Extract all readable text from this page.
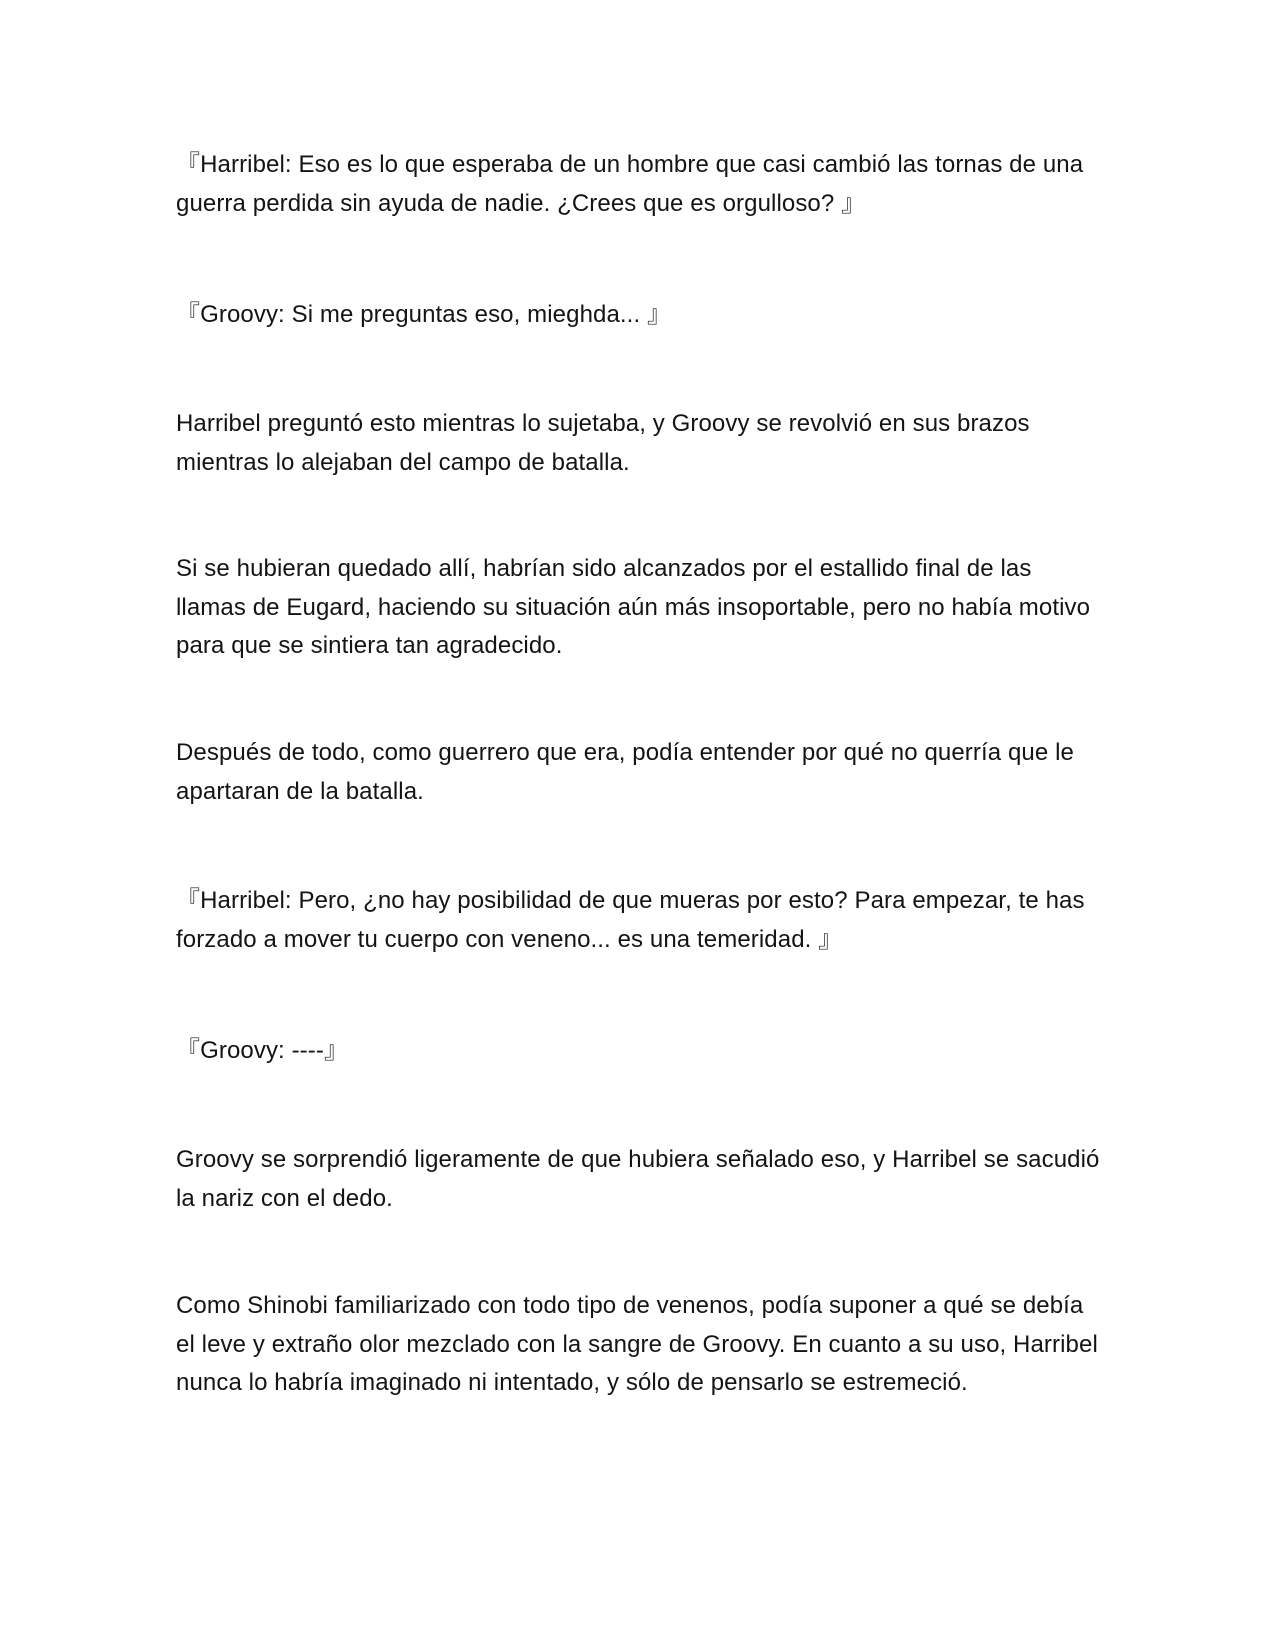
『Harribel: Eso es lo que esperaba de un hombre que casi cambió las tornas de una guerra perdida sin ayuda de nadie. ¿Crees que es orgulloso? 』

『Groovy: Si me preguntas eso, mieghda... 』

Harribel preguntó esto mientras lo sujetaba, y Groovy se revolvió en sus brazos mientras lo alejaban del campo de batalla.

Si se hubieran quedado allí, habrían sido alcanzados por el estallido final de las llamas de Eugard, haciendo su situación aún más insoportable, pero no había motivo para que se sintiera tan agradecido.

Después de todo, como guerrero que era, podía entender por qué no querría que le apartaran de la batalla.

『Harribel: Pero, ¿no hay posibilidad de que mueras por esto? Para empezar, te has forzado a mover tu cuerpo con veneno... es una temeridad. 』

『Groovy: ----』

Groovy se sorprendió ligeramente de que hubiera señalado eso, y Harribel se sacudió la nariz con el dedo.

Como Shinobi familiarizado con todo tipo de venenos, podía suponer a qué se debía el leve y extraño olor mezclado con la sangre de Groovy. En cuanto a su uso, Harribel nunca lo habría imaginado ni intentado, y sólo de pensarlo se estremeció.
